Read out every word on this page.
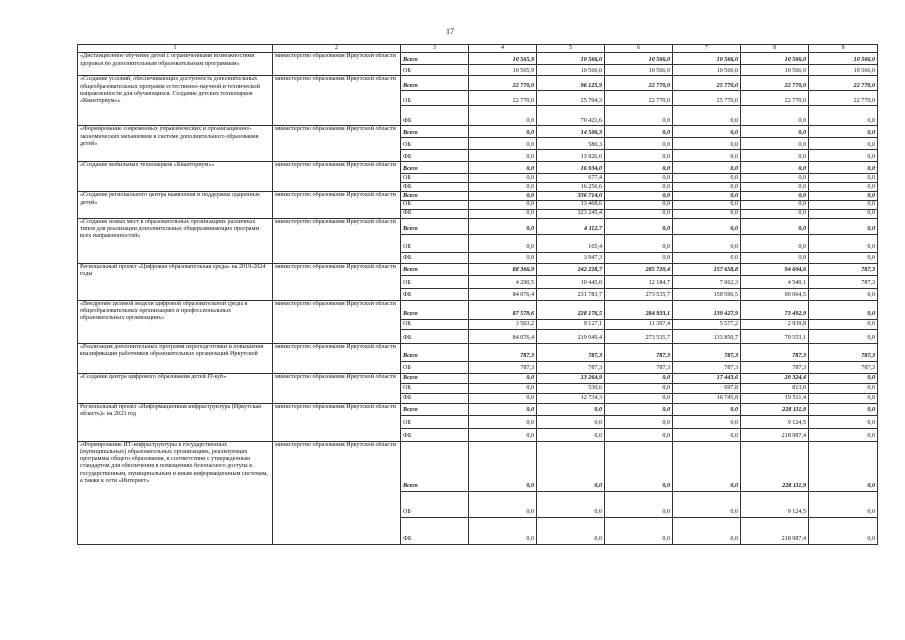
17
1	2	3	4	5	6	7	8	9
«Дистанционное обучение детей с ограниченными возможностями здоровья по дополнительным образовательным программам»	министерство образования Иркутской области	Всего	10 565,9	10 566,0	10 566,0	10 566,0	10 566,0	10 566,0
		ОБ	10 565,9	10 566,0	10 566,0	10 566,0	10 566,0	10 566,0
«Создание условий, обеспечивающих доступность дополнительных общеобразовательных программ естественно-научной и технической направленности для обучающихся. Создание детских технопарков «Кванториум»»	министерство образования Иркутской области	Всего	22 770,0	96 125,9	22 770,0	25 770,0	22 770,0	22 770,0
		ОБ	22 770,0	25 704,3	22 770,0	25 770,0	22 770,0	22 770,0
		ФБ	0,0	70 421,6	0,0	0,0	0,0	0,0
«Формирование современных управленческих и организационно-экономических механизмов в системе дополнительного образования детей»	министерство образования Иркутской области	Всего	0,0	14 506,3	0,0	0,0	0,0	0,0
		ОБ	0,0	580,3	0,0	0,0	0,0	0,0
		ФБ	0,0	13 926,0	0,0	0,0	0,0	0,0
«Создание мобильных технопарков «Кванториум»»	министерство образования Иркутской области	Всего	0,0	16 934,0	0,0	0,0	0,0	0,0
		ОБ	0,0	677,4	0,0	0,0	0,0	0,0
		ФБ	0,0	16 256,6	0,0	0,0	0,0	0,0
«Создание регионального центра выявления и поддержки одаренных детей»	министерство образования Иркутской области	Всего	0,0	336 714,0	0,0	0,0	0,0	0,0
		ОБ	0,0	13 468,6	0,0	0,0	0,0	0,0
		ФБ	0,0	323 245,4	0,0	0,0	0,0	0,0
«Создание новых мест в образовательных организациях различных типов для реализации дополнительных общеразвивающих программ всех направленностей»	министерство образования Иркутской области	Всего	0,0	4 112,7	0,0	0,0	0,0	0,0
		ОБ	0,0	165,4	0,0	0,0	0,0	0,0
		ФБ	0,0	3 947,3	0,0	0,0	0,0	0,0
Региональный проект «Цифровая образовательная среда» на 2019-2024 годы	министерство образования Иркутской области	Всего	88 366,9	242 228,7	285 720,4	157 658,8	94 604,6	787,3
		ОБ	4 290,5	10 445,0	12 184,7	7 062,3	4 540,1	787,3
		ФБ	84 076,4	231 783,7	273 535,7	150 596,5	90 064,5	0,0
«Внедрение целевой модели цифровой образовательной среды в общеобразовательных организациях и профессиональных образовательных организациях»	министерство образования Иркутской области	Всего	87 579,6	228 176,5	284 933,1	139 427,9	73 492,9	0,0
		ОБ	3 503,2	9 127,1	11 397,4	5 577,2	2 939,8	0,0
		ФБ	84 076,4	219 049,4	273 535,7	133 850,7	70 553,1	0,0
«Реализация дополнительных программ переподготовки и повышения квалификации работников образовательных организаций Иркутской	министерство образования Иркутской области	Всего	787,3	787,3	787,3	787,3	787,3	787,3
		ОБ	787,3	787,3	787,3	787,3	787,3	787,3
«Создание центра цифрового образования детей IT-куб»	министерство образования Иркутской области	Всего	0,0	13 264,9	0,0	17 443,6	20 324,4	0,0
		ОБ	0,0	530,6	0,0	697,8	813,0	0,0
		ФБ	0,0	12 734,3	0,0	16 745,8	19 511,4	0,0
Региональный проект «Информационная инфраструктура (Иркутская область)» на 2023 год	министерство образования Иркутской области	Всего	0,0	0,0	0,0	0,0	228 111,9	0,0
		ОБ	0,0	0,0	0,0	0,0	9 124,5	0,0
		ФБ	0,0	0,0	0,0	0,0	218 987,4	0,0
«Формирование ИТ-инфраструктуры в государственных (муниципальных) образовательных организациях, реализующих программы общего образования, в соответствии с утвержденным стандартом для обеспечения в помещениях безопасного доступа к государственным, муниципальным и иным информационным системам, а также к сети «Интернет»	министерство образования Иркутской области	Всего	0,0	0,0	0,0	0,0	228 111,9	0,0
		ОБ	0,0	0,0	0,0	0,0	9 124,5	0,0
		ФБ	0,0	0,0	0,0	0,0	218 987,4	0,0
